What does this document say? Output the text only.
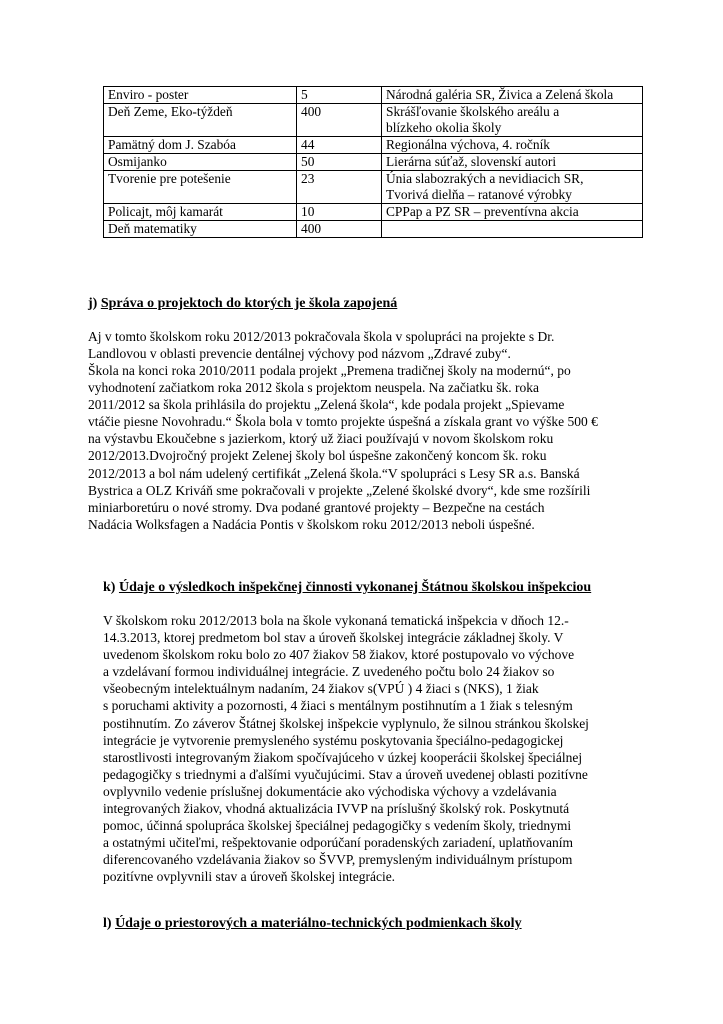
Enviro - poster	5	Národná galéria SR, Živica a Zelená škola
Deň Zeme, Eko-týždeň	400	Skrášľovanie školského areálu a
blízkeho okolia školy
Pamätný dom J. Szabóa	44	Regionálna výchova, 4. ročník
Osmijanko	50	Lierárna súťaž, slovenskí autori
Tvorenie pre potešenie	23	Únia slabozrakých a nevidiacich SR,
Tvorivá dielňa – ratanové výrobky
Policajt, môj kamarát	10	CPPap a PZ SR – preventívna akcia
Deň matematiky	400	
j) Správa o projektoch do ktorých je škola zapojená
Aj v tomto školskom roku 2012/2013 pokračovala škola v spolupráci na projekte s Dr.
Landlovou v oblasti prevencie dentálnej výchovy pod názvom „Zdravé zuby“.
Škola na konci roka 2010/2011 podala projekt „Premena tradičnej školy na modernú“, po
vyhodnotení začiatkom roka 2012 škola s projektom neuspela. Na začiatku šk. roka
2011/2012 sa škola prihlásila do projektu „Zelená škola“, kde podala projekt „Spievame
vtáčie piesne Novohradu.“ Škola bola v tomto projekte úspešná a získala grant vo výške 500 €
na výstavbu Ekoučebne s jazierkom, ktorý už žiaci používajú v novom školskom roku
2012/2013.Dvojročný projekt Zelenej školy bol úspešne zakončený koncom šk. roku
2012/2013 a bol nám udelený certifikát „Zelená škola.“V spolupráci s Lesy SR a.s. Banská
Bystrica a OLZ Kriváň sme pokračovali v projekte „Zelené školské dvory“, kde sme rozšírili
miniarboretúru o nové stromy. Dva podané grantové projekty – Bezpečne na cestách
Nadácia Wolksfagen a Nadácia Pontis v školskom roku 2012/2013 neboli úspešné.
k) Údaje o výsledkoch inšpekčnej činnosti vykonanej Štátnou školskou inšpekciou
V školskom roku 2012/2013 bola na škole vykonaná tematická inšpekcia v dňoch 12.-
14.3.2013, ktorej predmetom bol stav a úroveň školskej integrácie základnej školy. V
uvedenom školskom roku bolo zo 407 žiakov 58 žiakov, ktoré postupovalo vo výchove
a vzdelávaní formou individuálnej integrácie. Z uvedeného počtu bolo 24 žiakov so
všeobecným intelektuálnym nadaním, 24 žiakov s(VPÚ ) 4 žiaci s (NKS), 1 žiak
s poruchami aktivity a pozornosti, 4 žiaci s mentálnym postihnutím a 1 žiak s telesným
postihnutím. Zo záverov Štátnej školskej inšpekcie vyplynulo, že silnou stránkou školskej
integrácie je vytvorenie premysleného systému poskytovania špeciálno-pedagogickej
starostlivosti integrovaným žiakom spočívajúceho v úzkej kooperácii školskej špeciálnej
pedagogičky s triednymi a ďalšími vyučujúcimi. Stav a úroveň uvedenej oblasti pozitívne
ovplyvnilo vedenie príslušnej dokumentácie ako východiska výchovy a vzdelávania
integrovaných žiakov, vhodná aktualizácia IVVP na príslušný školský rok. Poskytnutá
pomoc, účinná spolupráca školskej špeciálnej pedagogičky s vedením školy, triednymi
a ostatnými učiteľmi, rešpektovanie odporúčaní poradenských zariadení, uplatňovaním
diferencovaného vzdelávania žiakov so ŠVVP, premysleným individuálnym prístupom
pozitívne ovplyvnili stav a úroveň školskej integrácie.
l) Údaje o priestorových a materiálno-technických podmienkach školy
